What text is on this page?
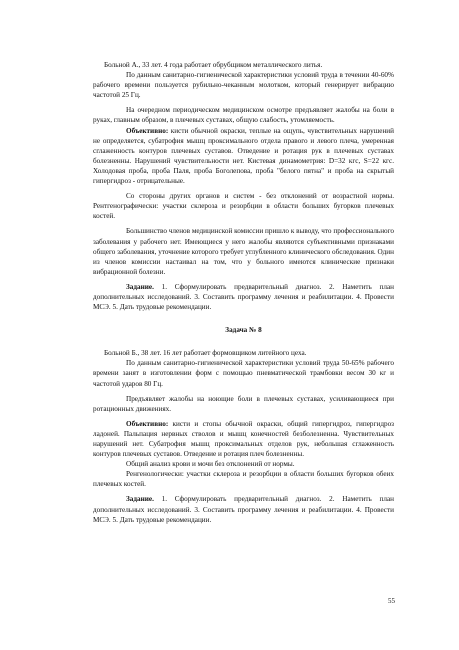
Больной А., 33 лет. 4 года работает обрубщиком металлического литья.

По данным санитарно-гигиенической характеристики условий труда в течении 40-60% рабочего времени пользуется рубильно-чеканным молотком, который генерирует вибрацию частотой 25 Гц.

На очередном периодическом медицинском осмотре предъявляет жалобы на боли в руках, главным образом, в плечевых суставах, общую слабость, утомляемость.

Объективно: кисти обычной окраски, теплые на ощупь, чувствительных нарушений не определяется, субатрофия мышц проксимального отдела правого и левого плеча, умеренная сглаженность контуров плечевых суставов. Отведение и ротация рук в плечевых суставах болезненны. Нарушений чувствительности нет. Кистевая динамометрия: D=32 кгс, S=22 кгс. Холодовая проба, проба Паля, проба Боголепова, проба "белого пятна" и проба на скрытый гипергидроз - отрицательные.

Со стороны других органов и систем - без отклонений от возрастной нормы. Рентгенографически: участки склероза и резорбции в области больших бугорков плечевых костей.

Большинство членов медицинской комиссии пришло к выводу, что профессионального заболевания у рабочего нет. Имеющиеся у него жалобы являются субъективными признаками общего заболевания, уточнение которого требует углубленного клинического обследования. Один из членов комиссии настаивал на том, что у больного имеются клинические признаки вибрационной болезни.

Задание. 1. Сформулировать предварительный диагноз. 2. Наметить план дополнительных исследований. 3. Составить программу лечения и реабилитации. 4. Провести МСЭ. 5. Дать трудовые рекомендации.

Задача № 8

Больной Б., 38 лет. 16 лет работает формовщиком литейного цеха.

По данным санитарно-гигиенической характеристики условий труда 50-65% рабочего времени занят в изготовлении форм с помощью пневматической трамбовки весом 30 кг и частотой ударов 80 Гц.

Предъявляет жалобы на ноющие боли в плечевых суставах, усиливающиеся при ротационных движениях.

Объективно: кисти и стопы обычной окраски, общий гипергидроз, гипергидроз ладоней. Пальпация нервных стволов и мышц конечностей безболезненна. Чувствительных нарушений нет. Субатрофия мышц проксимальных отделов рук, небольшая сглаженность контуров плечевых суставов. Отведение и ротация плеч болезненны.

Общий анализ крови и мочи без отклонений от нормы.

Ренгенологически: участки склероза и резорбции в области больших бугорков обеих плечевых костей.

Задание. 1. Сформулировать предварительный диагноз. 2. Наметить план дополнительных исследований. 3. Составить программу лечения и реабилитации. 4. Провести МСЭ. 5. Дать трудовые рекомендации.

55
